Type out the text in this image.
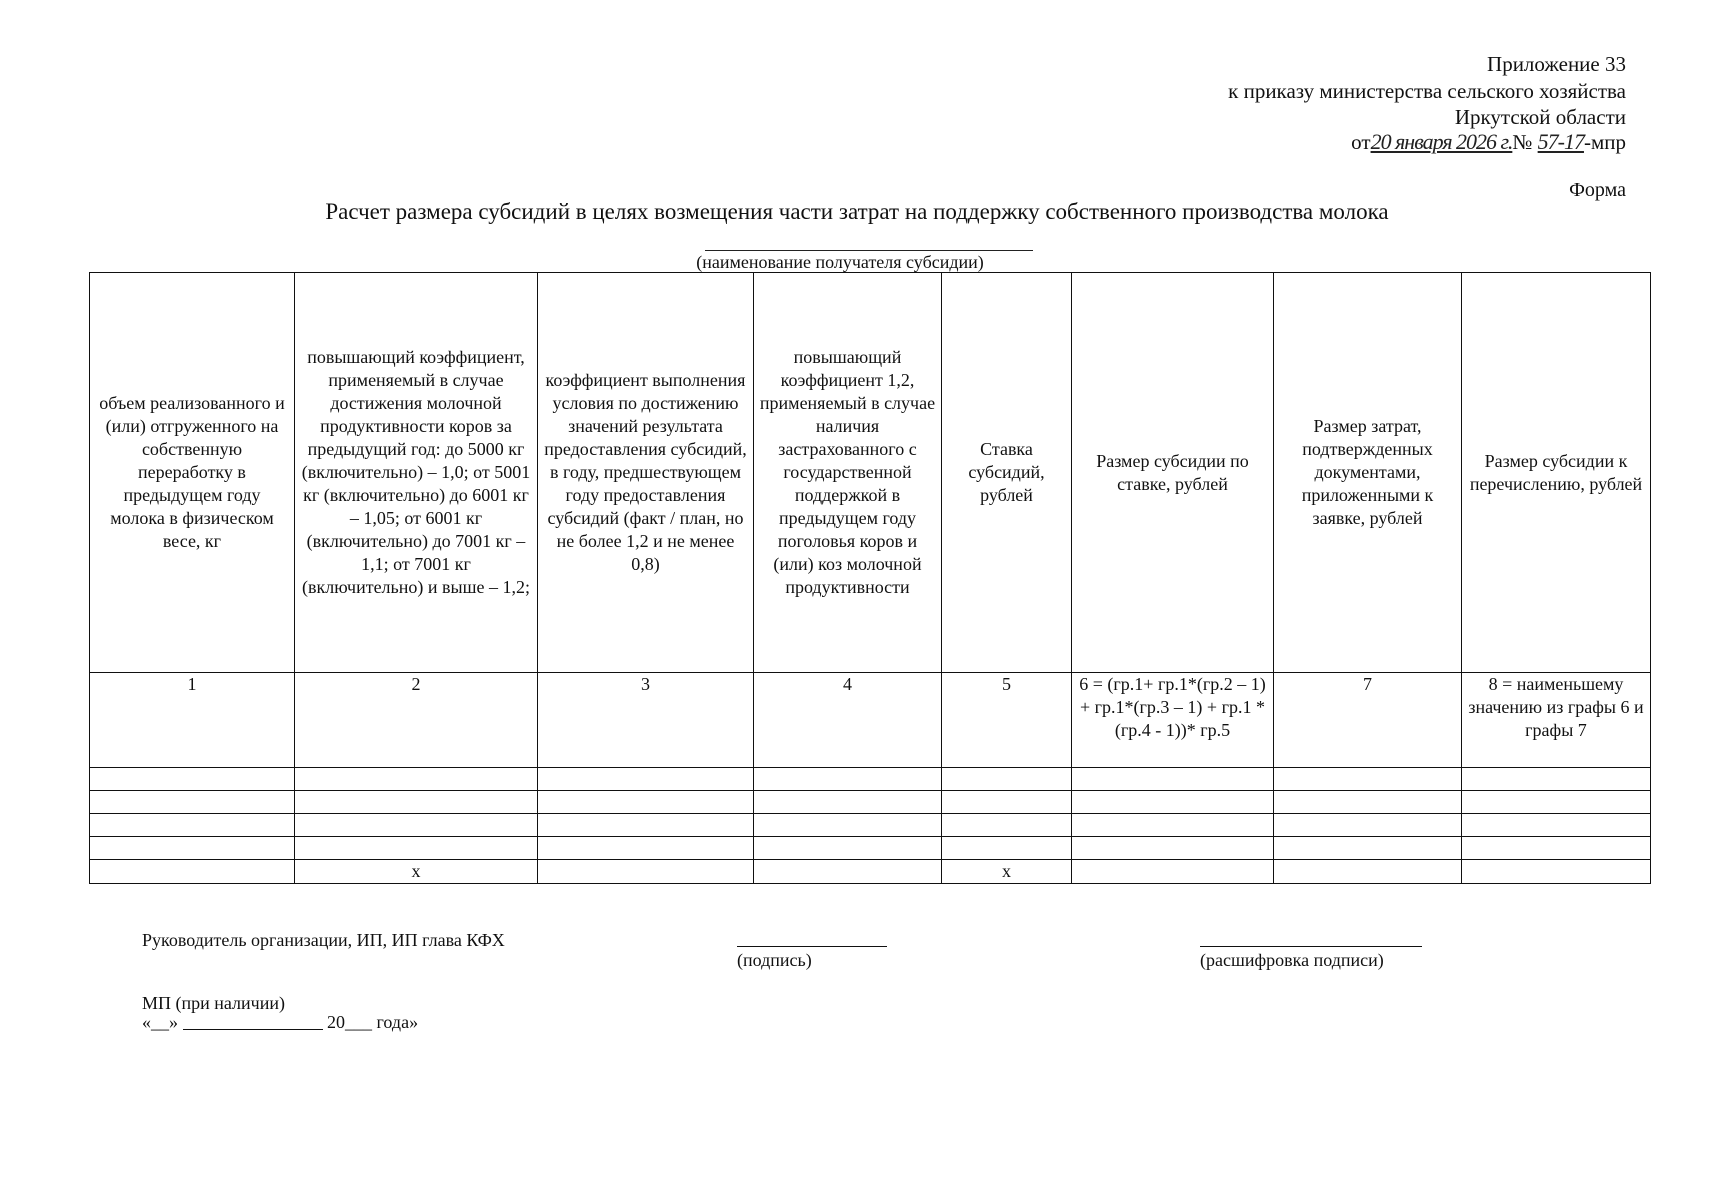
Приложение 33
к приказу министерства сельского хозяйства
Иркутской области
от20 января 2026 г.№ 57-17-мпр
Форма
Расчет размера субсидий в целях возмещения части затрат на поддержку собственного производства молока
(наименование получателя субсидии)
объем реализованного и (или) отгруженного на собственную переработку в предыдущем году молока в физическом весе, кг	повышающий коэффициент, применяемый в случае достижения молочной продуктивности коров за предыдущий год: до 5000 кг (включительно) – 1,0; от 5001 кг (включительно) до 6001 кг – 1,05; от 6001 кг (включительно) до 7001 кг – 1,1; от 7001 кг (включительно) и выше – 1,2;	коэффициент выполнения условия по достижению значений результата предоставления субсидий, в году, предшествующем году предоставления субсидий (факт / план, но не более 1,2 и не менее 0,8)	повышающий коэффициент 1,2, применяемый в случае наличия застрахованного с государственной поддержкой в предыдущем году поголовья коров и (или) коз молочной продуктивности	Ставка субсидий, рублей	Размер субсидии по ставке, рублей	Размер затрат, подтвержденных документами, приложенными к заявке, рублей	Размер субсидии к перечислению, рублей
1	2	3	4	5	6 = (гр.1+ гр.1*(гр.2 – 1) + гр.1*(гр.3 – 1) + гр.1 *(гр.4 - 1))* гр.5	7	8 = наименьшему значению из графы 6 и графы 7

	х			х			
Руководитель организации, ИП, ИП глава КФХ
(подпись)	(расшифровка подписи)
МП (при наличии)
«__»	20___ года»
